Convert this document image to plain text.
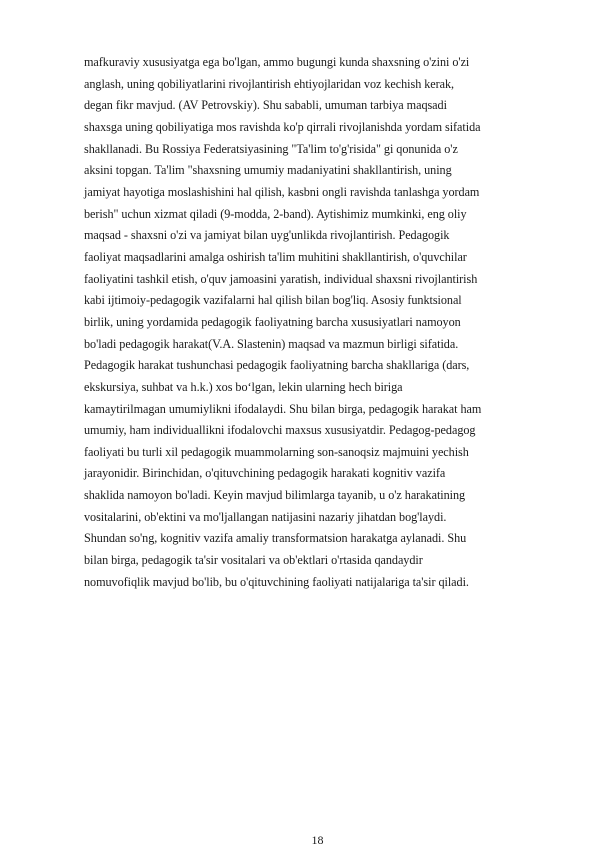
mafkuraviy xususiyatga ega bo'lgan, ammo bugungi kunda shaxsning o'zini o'zi
anglash, uning qobiliyatlarini rivojlantirish ehtiyojlaridan voz kechish kerak,
degan fikr mavjud. (AV Petrovskiy). Shu sababli, umuman tarbiya maqsadi
shaxsga uning qobiliyatiga mos ravishda ko'p qirrali rivojlanishda yordam sifatida
shakllanadi. Bu Rossiya Federatsiyasining "Ta'lim to'g'risida" gi qonunida o'z
aksini topgan. Ta'lim "shaxsning umumiy madaniyatini shakllantirish, uning
jamiyat hayotiga moslashishini hal qilish, kasbni ongli ravishda tanlashga yordam
berish" uchun xizmat qiladi (9-modda, 2-band). Aytishimiz mumkinki, eng oliy
maqsad - shaxsni o'zi va jamiyat bilan uyg'unlikda rivojlantirish. Pedagogik
faoliyat maqsadlarini amalga oshirish ta'lim muhitini shakllantirish, o'quvchilar
faoliyatini tashkil etish, o'quv jamoasini yaratish, individual shaxsni rivojlantirish
kabi ijtimoiy-pedagogik vazifalarni hal qilish bilan bog'liq. Asosiy funktsional
birlik, uning yordamida pedagogik faoliyatning barcha xususiyatlari namoyon
bo'ladi pedagogik harakat(V.A. Slastenin) maqsad va mazmun birligi sifatida.
Pedagogik harakat tushunchasi pedagogik faoliyatning barcha shakllariga (dars,
ekskursiya, suhbat va h.k.) xos bo‘lgan, lekin ularning hech biriga
kamaytirilmagan umumiylikni ifodalaydi. Shu bilan birga, pedagogik harakat ham
umumiy, ham individuallikni ifodalovchi maxsus xususiyatdir. Pedagog-pedagog
faoliyati bu turli xil pedagogik muammolarning son-sanoqsiz majmuini yechish
jarayonidir. Birinchidan, o'qituvchining pedagogik harakati kognitiv vazifa
shaklida namoyon bo'ladi. Keyin mavjud bilimlarga tayanib, u o'z harakatining
vositalarini, ob'ektini va mo'ljallangan natijasini nazariy jihatdan bog'laydi.
Shundan so'ng, kognitiv vazifa amaliy transformatsion harakatga aylanadi. Shu
bilan birga, pedagogik ta'sir vositalari va ob'ektlari o'rtasida qandaydir
nomuvofiqlik mavjud bo'lib, bu o'qituvchining faoliyati natijalariga ta'sir qiladi.
18
